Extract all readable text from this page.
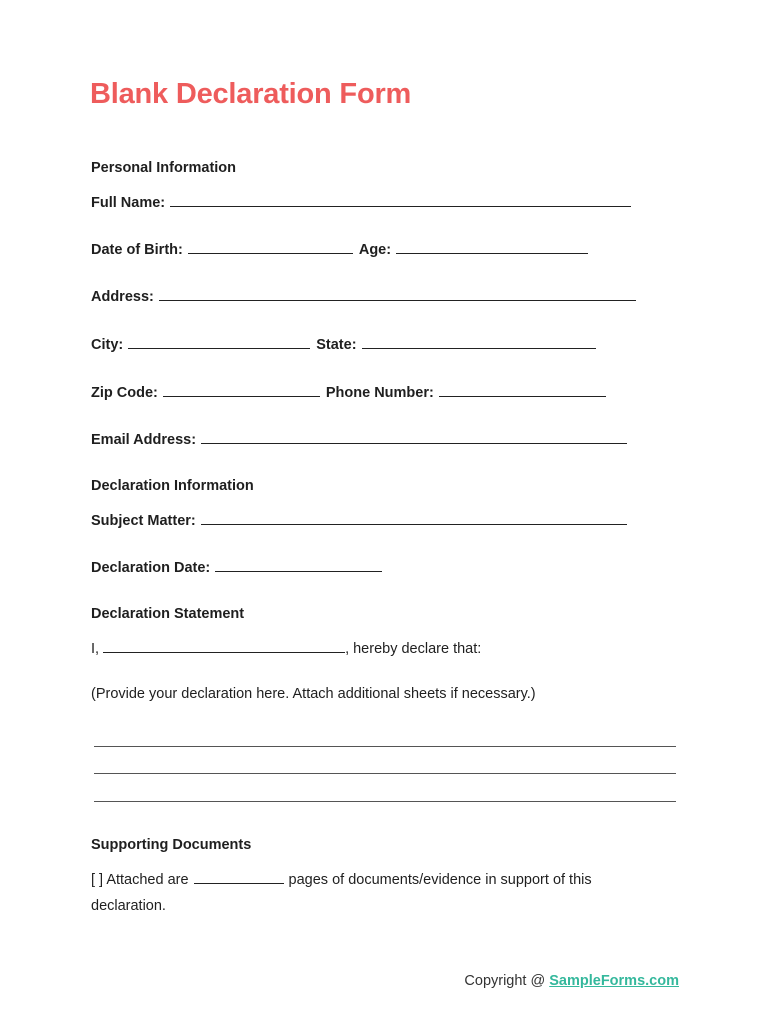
Blank Declaration Form
Personal Information
Full Name:
Date of Birth:	Age:
Address:
City:	State:
Zip Code:	Phone Number:
Email Address:
Declaration Information
Subject Matter:
Declaration Date:
Declaration Statement
I,	, hereby declare that:
(Provide your declaration here. Attach additional sheets if necessary.)
Supporting Documents
[ ] Attached are	pages of documents/evidence in support of this
declaration.
Copyright @ SampleForms.com
